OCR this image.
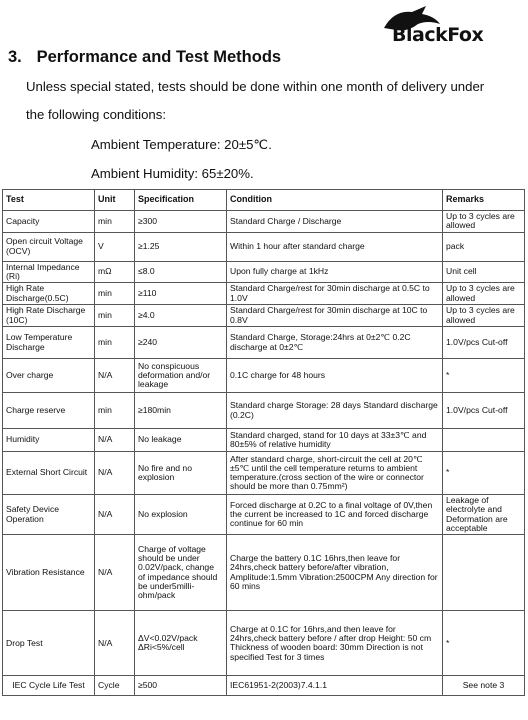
BlackFox
3. Performance and Test Methods
Unless special stated, tests should be done within one month of delivery under
the following conditions:
Ambient Temperature: 20±5℃.
Ambient Humidity: 65±20%.
Test	Unit	Specification	Condition	Remarks
Capacity	min	≥300	Standard Charge / Discharge	Up to 3 cycles are allowed
Open circuit Voltage (OCV)	V	≥1.25	Within 1 hour after standard charge	pack
Internal Impedance (Ri)	mΩ	≤8.0	Upon fully charge at 1kHz	Unit cell
High Rate Discharge(0.5C)	min	≥110	Standard Charge/rest for 30min discharge at 0.5C to 1.0V	Up to 3 cycles are allowed
High Rate Discharge (10C)	min	≥4.0	Standard Charge/rest for 30min discharge at 10C to 0.8V	Up to 3 cycles are allowed
Low Temperature Discharge	min	≥240	Standard Charge, Storage:24hrs at 0±2℃ 0.2C discharge at 0±2℃	1.0V/pcs Cut-off
Over charge	N/A	No conspicuous deformation and/or leakage	0.1C charge for 48 hours	*
Charge reserve	min	≥180min	Standard charge Storage: 28 days Standard discharge (0.2C)	1.0V/pcs Cut-off
Humidity	N/A	No leakage	Standard charged, stand for 10 days at 33±3℃ and 80±5% of relative humidity	
External Short Circuit	N/A	No fire and no explosion	After standard charge, short-circuit the cell at 20℃±5℃ until the cell temperature returns to ambient temperature.(cross section of the wire or connector should be more than 0.75mm²)	*
Safety Device Operation	N/A	No explosion	Forced discharge at 0.2C to a final voltage of 0V,then the current be increased to 1C and forced discharge continue for 60 min	Leakage of electrolyte and Deformation are acceptable
Vibration Resistance	N/A	Charge of voltage should be under 0.02V/pack, change of impedance should be under5milli-ohm/pack	Charge the battery 0.1C 16hrs,then leave for 24hrs,check battery before/after vibration, Amplitude:1.5mm Vibration:2500CPM Any direction for 60 mins	
Drop Test	N/A	ΔV<0.02V/pack ΔRi<5%/cell	Charge at 0.1C for 16hrs,and then leave for 24hrs,check battery before / after drop Height: 50 cm Thickness of wooden board: 30mm Direction is not specified Test for 3 times	*
IEC Cycle Life Test	Cycle	≥500	IEC61951-2(2003)7.4.1.1	See note 3
